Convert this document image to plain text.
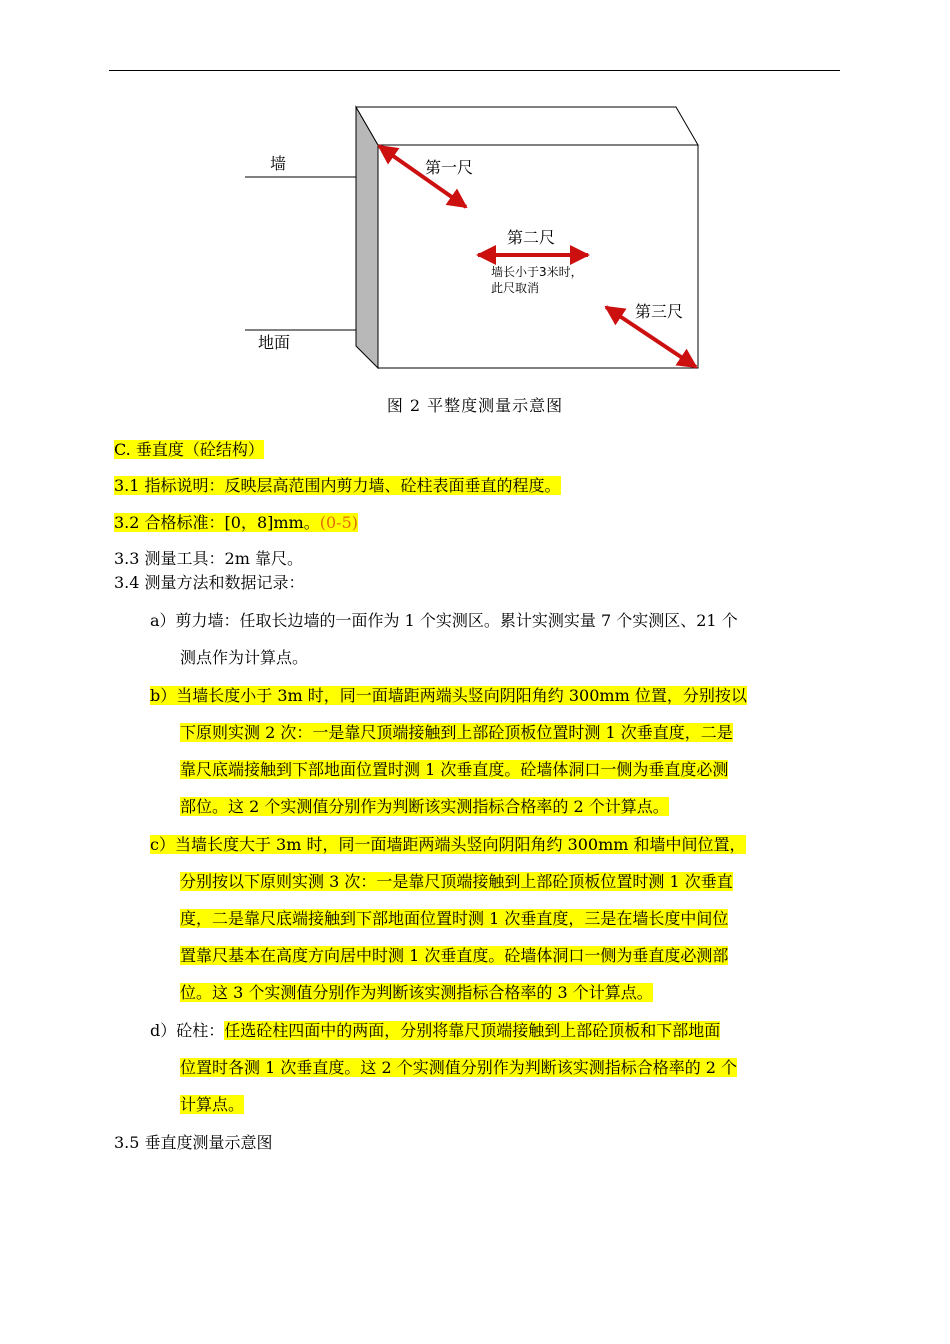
墙
地面
第一尺
第二尺
墙长小于3米时，
此尺取消
第三尺
图 2 平整度测量示意图
C. 垂直度（砼结构）
3.1 指标说明：反映层高范围内剪力墙、砼柱表面垂直的程度。
3.2 合格标准：[0，8]mm。(0-5)
3.3 测量工具：2m 靠尺。
3.4 测量方法和数据记录：
a）剪力墙：任取长边墙的一面作为 1 个实测区。累计实测实量 7 个实测区、21 个
测点作为计算点。
b）当墙长度小于 3m 时，同一面墙距两端头竖向阴阳角约 300mm 位置，分别按以
下原则实测 2 次：一是靠尺顶端接触到上部砼顶板位置时测 1 次垂直度，二是
靠尺底端接触到下部地面位置时测 1 次垂直度。砼墙体洞口一侧为垂直度必测
部位。这 2 个实测值分别作为判断该实测指标合格率的 2 个计算点。
c）当墙长度大于 3m 时，同一面墙距两端头竖向阴阳角约 300mm 和墙中间位置，
分别按以下原则实测 3 次：一是靠尺顶端接触到上部砼顶板位置时测 1 次垂直
度，二是靠尺底端接触到下部地面位置时测 1 次垂直度，三是在墙长度中间位
置靠尺基本在高度方向居中时测 1 次垂直度。砼墙体洞口一侧为垂直度必测部
位。这 3 个实测值分别作为判断该实测指标合格率的 3 个计算点。
d）砼柱：任选砼柱四面中的两面，分别将靠尺顶端接触到上部砼顶板和下部地面
位置时各测 1 次垂直度。这 2 个实测值分别作为判断该实测指标合格率的 2 个
计算点。
3.5 垂直度测量示意图
